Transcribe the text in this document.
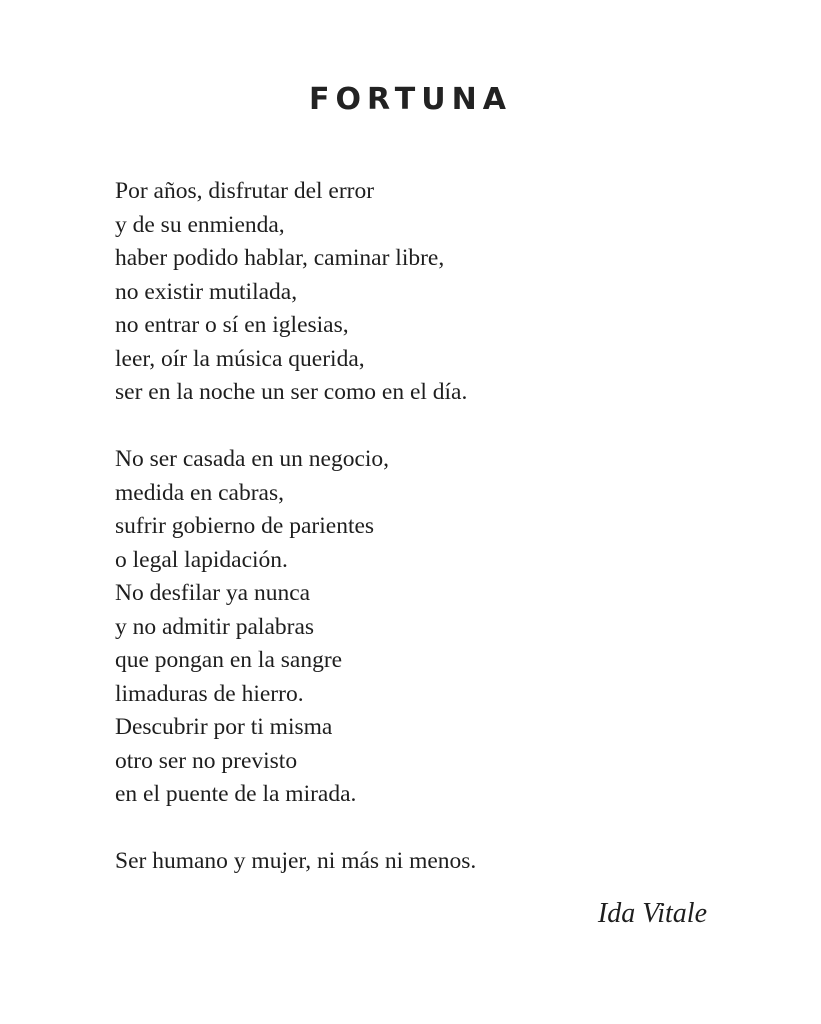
FORTUNA
Por años, disfrutar del error
y de su enmienda,
haber podido hablar, caminar libre,
no existir mutilada,
no entrar o sí en iglesias,
leer, oír la música querida,
ser en la noche un ser como en el día.
No ser casada en un negocio,
medida en cabras,
sufrir gobierno de parientes
o legal lapidación.
No desfilar ya nunca
y no admitir palabras
que pongan en la sangre
limaduras de hierro.
Descubrir por ti misma
otro ser no previsto
en el puente de la mirada.
Ser humano y mujer, ni más ni menos.
Ida Vitale
